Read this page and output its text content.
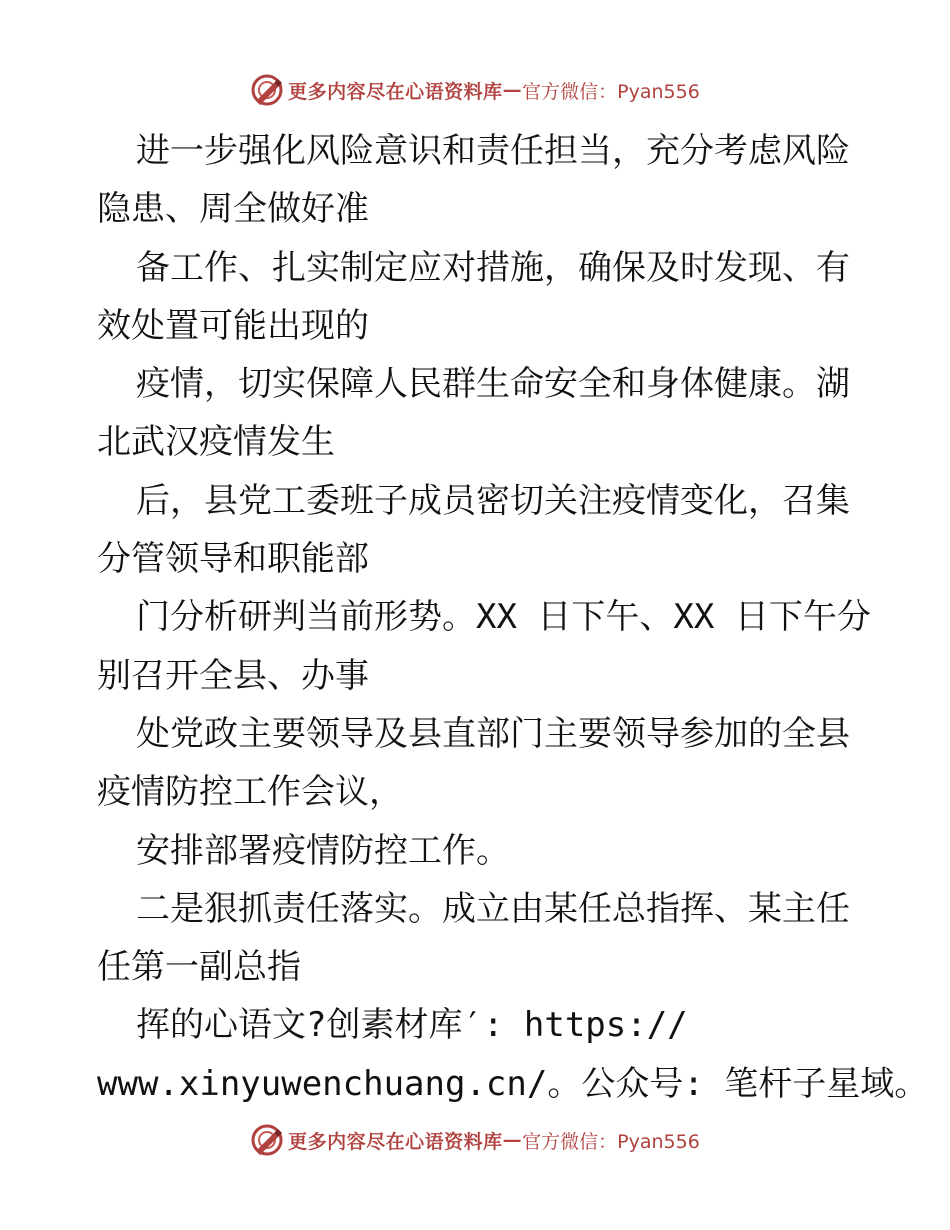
更多内容尽在心语资料库 — 官方微信：Pyan556
进一步强化风险意识和责任担当，充分考虑风险
隐患、周全做好准
备工作、扎实制定应对措施，确保及时发现、有
效处置可能出现的
疫情，切实保障人民群生命安全和身体健康。湖
北武汉疫情发生
后，县党工委班子成员密切关注疫情变化，召集
分管领导和职能部
门分析研判当前形势。XX 日下午、XX 日下午分
别召开全县、办事
处党政主要领导及县直部门主要领导参加的全县
疫情防控工作会议，
安排部署疫情防控工作。
二是狠抓责任落实。成立由某任总指挥、某主任
任第一副总指
挥的心语文?创素材库′: https://
www.xinyuwenchuang.cn/。公众号: 笔杆子星域。
更多内容尽在心语资料库 — 官方微信：Pyan556
